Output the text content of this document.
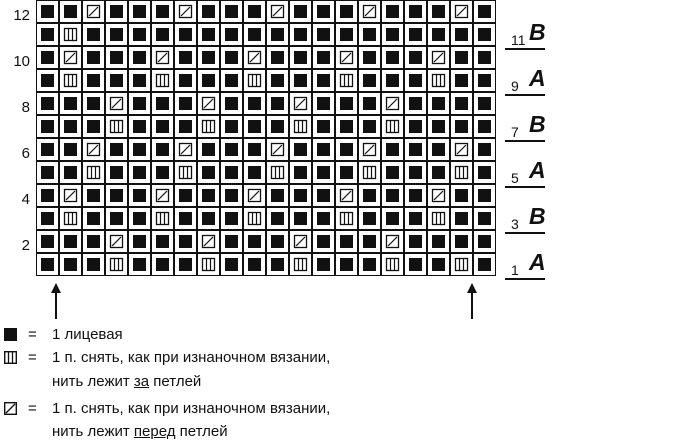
12
10
8
6
4
2
11 B
9 A
7 B
5 A
3 B
1 A
= 1 лицевая
= 1 п. снять, как при изнаночном вязании,
нить лежит за петлей
= 1 п. снять, как при изнаночном вязании,
нить лежит перед петлей
